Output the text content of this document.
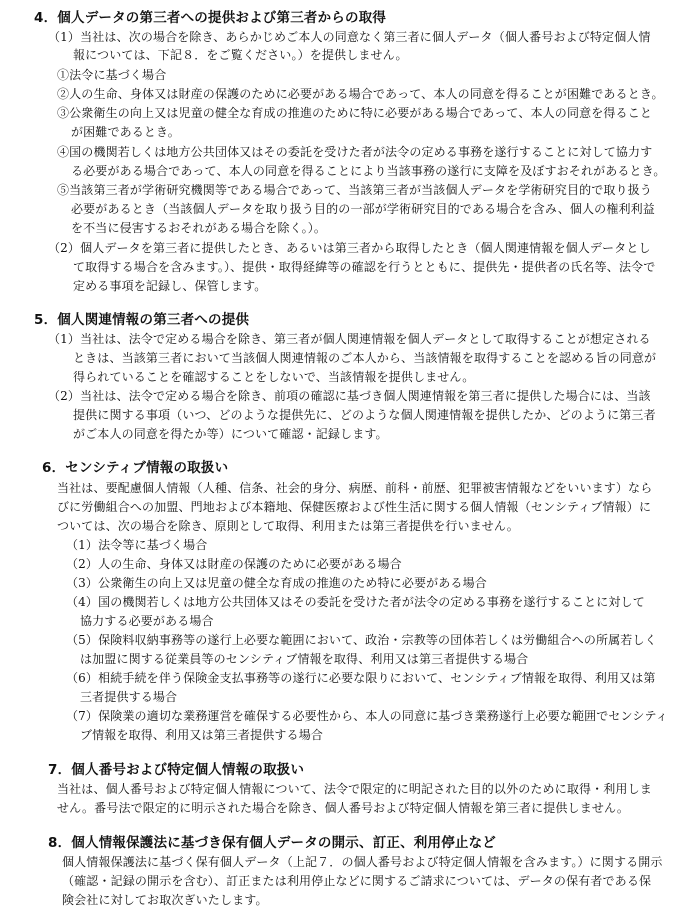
4．個人データの第三者への提供および第三者からの取得
（1）当社は、次の場合を除き、あらかじめご本人の同意なく第三者に個人データ（個人番号および特定個人情
報については、下記８．をご覧ください。）を提供しません。
①法令に基づく場合
②人の生命、身体又は財産の保護のために必要がある場合であって、本人の同意を得ることが困難であるとき。
③公衆衛生の向上又は児童の健全な育成の推進のために特に必要がある場合であって、本人の同意を得ること
が困難であるとき。
④国の機関若しくは地方公共団体又はその委託を受けた者が法令の定める事務を遂行することに対して協力す
る必要がある場合であって、本人の同意を得ることにより当該事務の遂行に支障を及ぼすおそれがあるとき。
⑤当該第三者が学術研究機関等である場合であって、当該第三者が当該個人データを学術研究目的で取り扱う
必要があるとき（当該個人データを取り扱う目的の一部が学術研究目的である場合を含み、個人の権利利益
を不当に侵害するおそれがある場合を除く。）。
（2）個人データを第三者に提供したとき、あるいは第三者から取得したとき（個人関連情報を個人データとし
て取得する場合を含みます。）、提供・取得経緯等の確認を行うとともに、提供先・提供者の氏名等、法令で
定める事項を記録し、保管します。
5．個人関連情報の第三者への提供
（1）当社は、法令で定める場合を除き、第三者が個人関連情報を個人データとして取得することが想定される
ときは、当該第三者において当該個人関連情報のご本人から、当該情報を取得することを認める旨の同意が
得られていることを確認することをしないで、当該情報を提供しません。
（2）当社は、法令で定める場合を除き、前項の確認に基づき個人関連情報を第三者に提供した場合には、当該
提供に関する事項（いつ、どのような提供先に、どのような個人関連情報を提供したか、どのように第三者
がご本人の同意を得たか等）について確認・記録します。
6．センシティブ情報の取扱い
当社は、要配慮個人情報（人種、信条、社会的身分、病歴、前科・前歴、犯罪被害情報などをいいます）なら
びに労働組合への加盟、門地および本籍地、保健医療および性生活に関する個人情報（センシティブ情報）に
ついては、次の場合を除き、原則として取得、利用または第三者提供を行いません。
（1）法令等に基づく場合
（2）人の生命、身体又は財産の保護のために必要がある場合
（3）公衆衛生の向上又は児童の健全な育成の推進のため特に必要がある場合
（4）国の機関若しくは地方公共団体又はその委託を受けた者が法令の定める事務を遂行することに対して
協力する必要がある場合
（5）保険料収納事務等の遂行上必要な範囲において、政治・宗教等の団体若しくは労働組合への所属若しく
は加盟に関する従業員等のセンシティブ情報を取得、利用又は第三者提供する場合
（6）相続手続を伴う保険金支払事務等の遂行に必要な限りにおいて、センシティブ情報を取得、利用又は第
三者提供する場合
（7）保険業の適切な業務運営を確保する必要性から、本人の同意に基づき業務遂行上必要な範囲でセンシティ
ブ情報を取得、利用又は第三者提供する場合
7．個人番号および特定個人情報の取扱い
当社は、個人番号および特定個人情報について、法令で限定的に明記された目的以外のために取得・利用しま
せん。番号法で限定的に明示された場合を除き、個人番号および特定個人情報を第三者に提供しません。
8．個人情報保護法に基づき保有個人データの開示、訂正、利用停止など
個人情報保護法に基づく保有個人データ（上記７．の個人番号および特定個人情報を含みます。）に関する開示
（確認・記録の開示を含む）、訂正または利用停止などに関するご請求については、データの保有者である保
険会社に対してお取次ぎいたします。
